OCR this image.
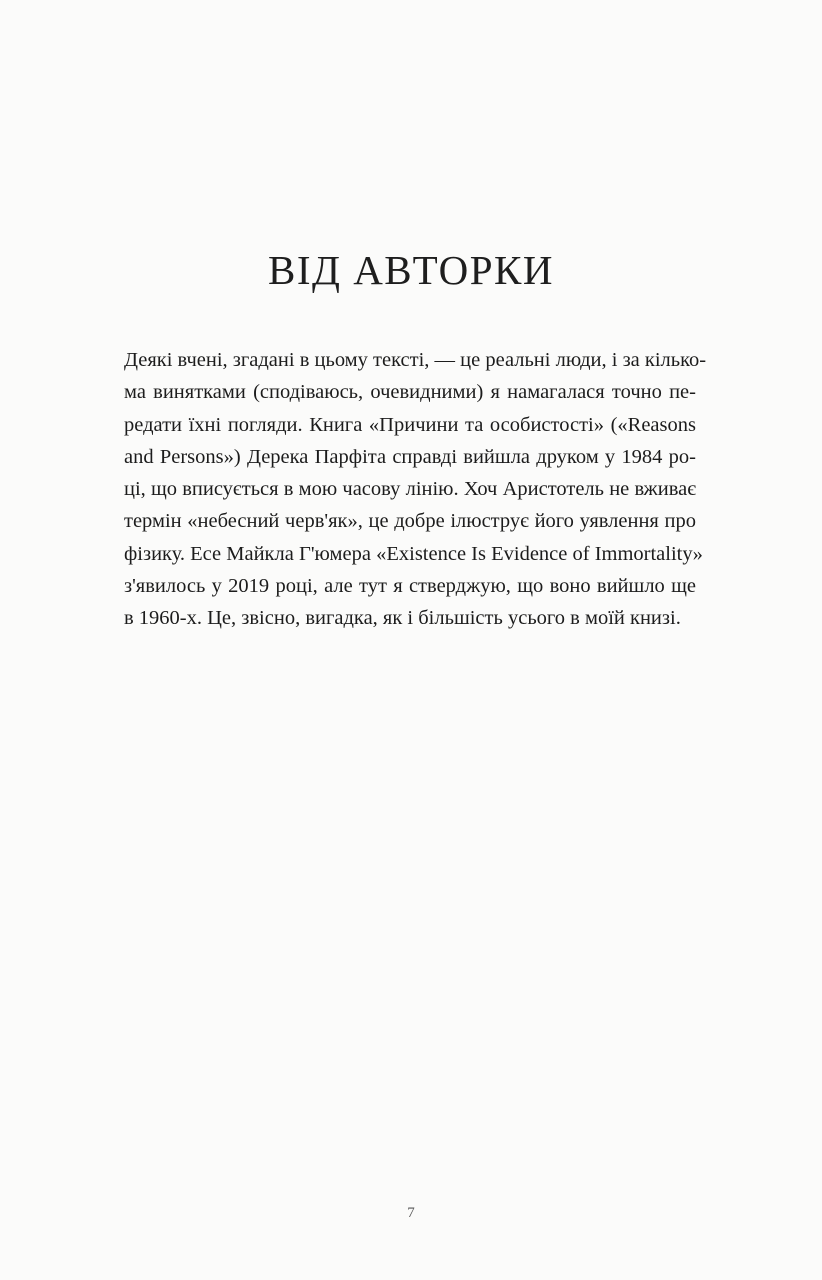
ВІД АВТОРКИ
Деякі вчені, згадані в цьому тексті, — це реальні люди, і за кілько-
ма винятками (сподіваюсь, очевидними) я намагалася точно пе-
редати їхні погляди. Книга «Причини та особистості» («Reasons
and Persons») Дерека Парфіта справді вийшла друком у 1984 ро-
ці, що вписується в мою часову лінію. Хоч Аристотель не вживає
термін «небесний черв'як», це добре ілюструє його уявлення про
фізику. Есе Майкла Г'юмера «Existence Is Evidence of Immortality»
з'явилось у 2019 році, але тут я стверджую, що воно вийшло ще
в 1960-х. Це, звісно, вигадка, як і більшість усього в моїй книзі.
7
